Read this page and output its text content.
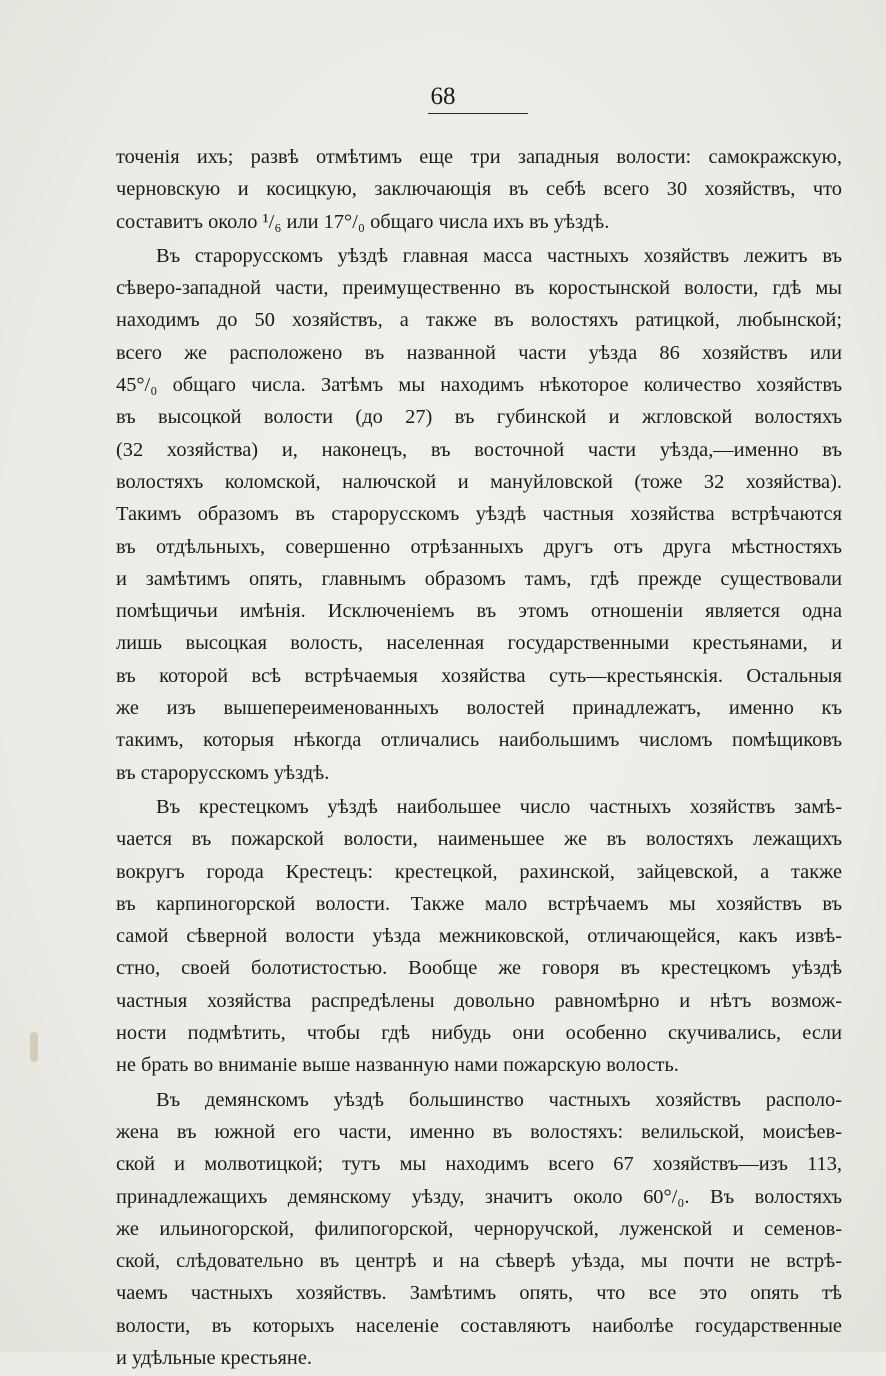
68
точенія ихъ; развѣ отмѣтимъ еще три западныя волости: самокражскую,
черновскую и косицкую, заключающія въ себѣ всего 30 хозяйствъ, что
составитъ около ¹/₆ или 17°/₀ общаго числа ихъ въ уѣздѣ.
Въ старорусскомъ уѣздѣ главная масса частныхъ хозяйствъ лежитъ въ
сѣверо-западной части, преимущественно въ коростынской волости, гдѣ мы
находимъ до 50 хозяйствъ, а также въ волостяхъ ратицкой, любынской;
всего же расположено въ названной части уѣзда 86 хозяйствъ или
45°/₀ общаго числа. Затѣмъ мы находимъ нѣкоторое количество хозяйствъ
въ высоцкой волости (до 27) въ губинской и жгловской волостяхъ
(32 хозяйства) и, наконецъ, въ восточной части уѣзда,—именно въ
волостяхъ коломской, налючской и мануйловской (тоже 32 хозяйства).
Такимъ образомъ въ старорусскомъ уѣздѣ частныя хозяйства встрѣчаются
въ отдѣльныхъ, совершенно отрѣзанныхъ другъ отъ друга мѣстностяхъ
и замѣтимъ опять, главнымъ образомъ тамъ, гдѣ прежде существовали
помѣщичьи имѣнія. Исключеніемъ въ этомъ отношеніи является одна
лишь высоцкая волость, населенная государственными крестьянами, и
въ которой всѣ встрѣчаемыя хозяйства суть—крестьянскія. Остальныя
же изъ вышепереименованныхъ волостей принадлежатъ, именно къ
такимъ, которыя нѣкогда отличались наибольшимъ числомъ помѣщиковъ
въ старорусскомъ уѣздѣ.
Въ крестецкомъ уѣздѣ наибольшее число частныхъ хозяйствъ замѣ-
чается въ пожарской волости, наименьшее же въ волостяхъ лежащихъ
вокругъ города Крестецъ: крестецкой, рахинской, зайцевской, а также
въ карпиногорской волости. Также мало встрѣчаемъ мы хозяйствъ въ
самой сѣверной волости уѣзда межниковской, отличающейся, какъ извѣ-
стно, своей болотистостью. Вообще же говоря въ крестецкомъ уѣздѣ
частныя хозяйства распредѣлены довольно равномѣрно и нѣтъ возмож-
ности подмѣтить, чтобы гдѣ нибудь они особенно скучивались, если
не брать во вниманіе выше названную нами пожарскую волость.
Въ демянскомъ уѣздѣ большинство частныхъ хозяйствъ располо-
жена въ южной его части, именно въ волостяхъ: велильской, моисѣев-
ской и молвотицкой; тутъ мы находимъ всего 67 хозяйствъ—изъ 113,
принадлежащихъ демянскому уѣзду, значитъ около 60°/₀. Въ волостяхъ
же ильиногорской, филипогорской, черноручской, луженской и семенов-
ской, слѣдовательно въ центрѣ и на сѣверѣ уѣзда, мы почти не встрѣ-
чаемъ частныхъ хозяйствъ. Замѣтимъ опять, что все это опять тѣ
волости, въ которыхъ населеніе составляютъ наиболѣе государственные
и удѣльные крестьяне.
